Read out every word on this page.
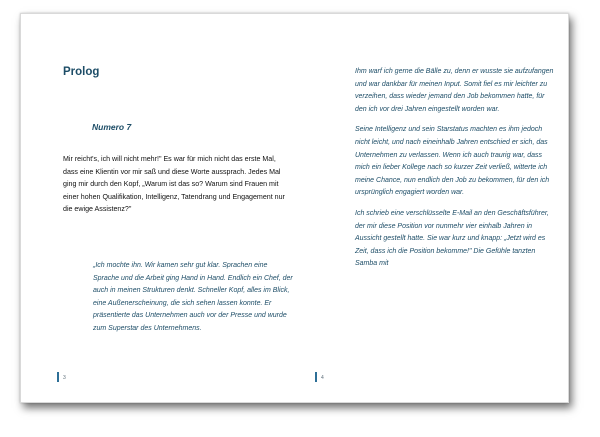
Prolog
Numero 7

Mir reicht's, ich will nicht mehr!" Es war für mich nicht das erste Mal, dass eine Klientin vor mir saß und diese Worte aussprach. Jedes Mal ging mir durch den Kopf, „Warum ist das so? Warum sind Frauen mit einer hohen Qualifikation, Intelligenz, Tatendrang und Engagement nur die ewige Assistenz?"

„Ich mochte ihn. Wir kamen sehr gut klar. Sprachen eine Sprache und die Arbeit ging Hand in Hand. Endlich ein Chef, der auch in meinen Strukturen denkt. Schneller Kopf, alles im Blick, eine Außenerscheinung, die sich sehen lassen konnte. Er präsentierte das Unternehmen auch vor der Presse und wurde zum Superstar des Unternehmens.

3

Ihm warf ich gerne die Bälle zu, denn er wusste sie aufzufangen und war dankbar für meinen Input. Somit fiel es mir leichter zu verzeihen, dass wieder jemand den Job bekommen hatte, für den ich vor drei Jahren eingestellt worden war.

Seine Intelligenz und sein Starstatus machten es ihm jedoch nicht leicht, und nach eineinhalb Jahren entschied er sich, das Unternehmen zu verlassen. Wenn ich auch traurig war, dass mich ein lieber Kollege nach so kurzer Zeit verließ, witterte ich meine Chance, nun endlich den Job zu bekommen, für den ich ursprünglich engagiert worden war.

Ich schrieb eine verschlüsselte E-Mail an den Geschäftsführer, der mir diese Position vor nunmehr vier einhalb Jahren in Aussicht gestellt hatte. Sie war kurz und knapp: „Jetzt wird es Zeit, dass ich die Position bekomme!" Die Gefühle tanzten Samba mit

4
